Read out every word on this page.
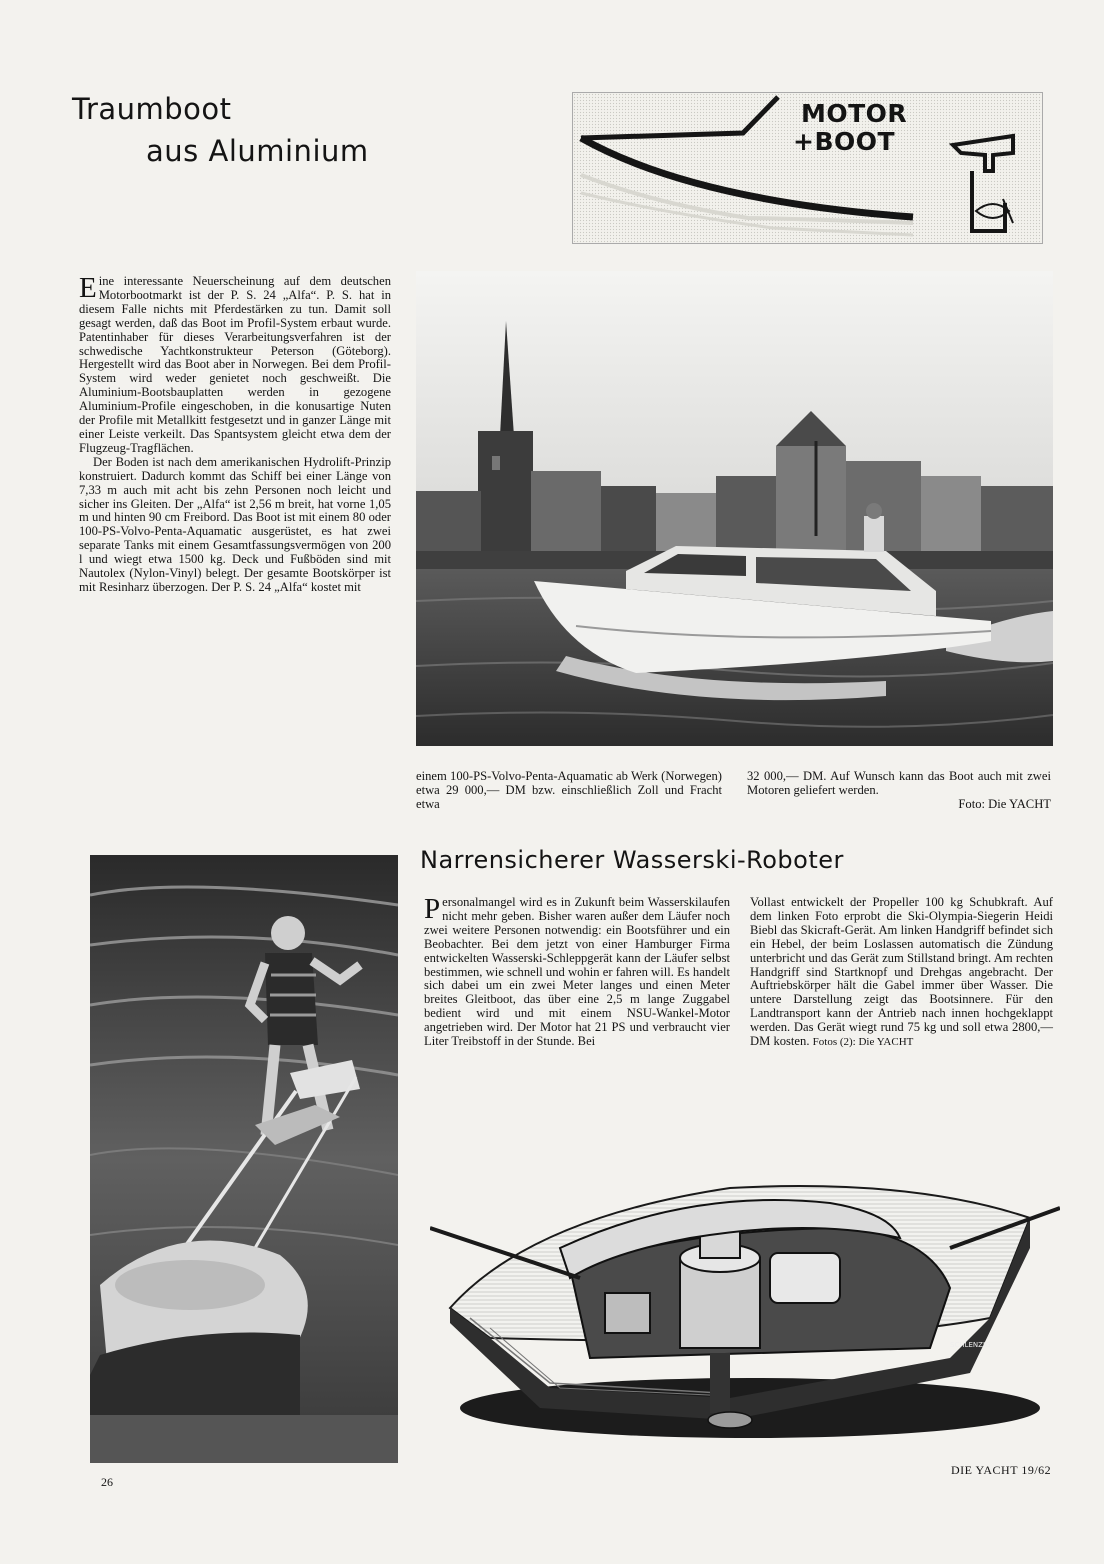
Traumboot
aus Aluminium
MOTOR
+BOOT

Eine interessante Neuerscheinung auf dem deutschen Motorbootmarkt ist der P. S. 24 „Alfa“. P. S. hat in diesem Falle nichts mit Pferdestärken zu tun. Damit soll gesagt werden, daß das Boot im Profil-System erbaut wurde. Patentinhaber für dieses Verarbeitungsverfahren ist der schwedische Yachtkonstrukteur Peterson (Göteborg). Hergestellt wird das Boot aber in Norwegen. Bei dem Profil-System wird weder genietet noch geschweißt. Die Aluminium-Bootsbauplatten werden in gezogene Aluminium-Profile eingeschoben, in die konusartige Nuten der Profile mit Metallkitt festgesetzt und in ganzer Länge mit einer Leiste verkeilt. Das Spantsystem gleicht etwa dem der Flugzeug-Tragflächen.

Der Boden ist nach dem amerikanischen Hydrolift-Prinzip konstruiert. Dadurch kommt das Schiff bei einer Länge von 7,33 m auch mit acht bis zehn Personen noch leicht und sicher ins Gleiten. Der „Alfa“ ist 2,56 m breit, hat vorne 1,05 m und hinten 90 cm Freibord. Das Boot ist mit einem 80 oder 100-PS-Volvo-Penta-Aquamatic ausgerüstet, es hat zwei separate Tanks mit einem Gesamtfassungsvermögen von 200 l und wiegt etwa 1500 kg. Deck und Fußböden sind mit Nautolex (Nylon-Vinyl) belegt. Der gesamte Bootskörper ist mit Resinharz überzogen. Der P. S. 24 „Alfa“ kostet mit

einem 100-PS-Volvo-Penta-Aquamatic ab Werk (Norwegen) etwa 29 000,— DM bzw. einschließlich Zoll und Fracht etwa
32 000,— DM. Auf Wunsch kann das Boot auch mit zwei Motoren geliefert werden.
Foto: Die YACHT
Narrensicherer Wasserski-Roboter

Personalmangel wird es in Zukunft beim Wasserskilaufen nicht mehr geben. Bisher waren außer dem Läufer noch zwei weitere Personen notwendig: ein Bootsführer und ein Beobachter. Bei dem jetzt von einer Hamburger Firma entwickelten Wasserski-Schleppgerät kann der Läufer selbst bestimmen, wie schnell und wohin er fahren will. Es handelt sich dabei um ein zwei Meter langes und einen Meter breites Gleitboot, das über eine 2,5 m lange Zuggabel bedient wird und mit einem NSU-Wankel-Motor angetrieben wird. Der Motor hat 21 PS und verbraucht vier Liter Treibstoff in der Stunde. Bei

Vollast entwickelt der Propeller 100 kg Schubkraft. Auf dem linken Foto erprobt die Ski-Olympia-Siegerin Heidi Biebl das Skicraft-Gerät. Am linken Handgriff befindet sich ein Hebel, der beim Loslassen automatisch die Zündung unterbricht und das Gerät zum Stillstand bringt. Am rechten Handgriff sind Startknopf und Drehgas angebracht. Der Auftriebskörper hält die Gabel immer über Wasser. Die untere Darstellung zeigt das Bootsinnere. Für den Landtransport kann der Antrieb nach innen hochgeklappt werden. Das Gerät wiegt rund 75 kg und soll etwa 2800,— DM kosten. Fotos (2): Die YACHT

SCHLENZIG
26
DIE YACHT 19/62
